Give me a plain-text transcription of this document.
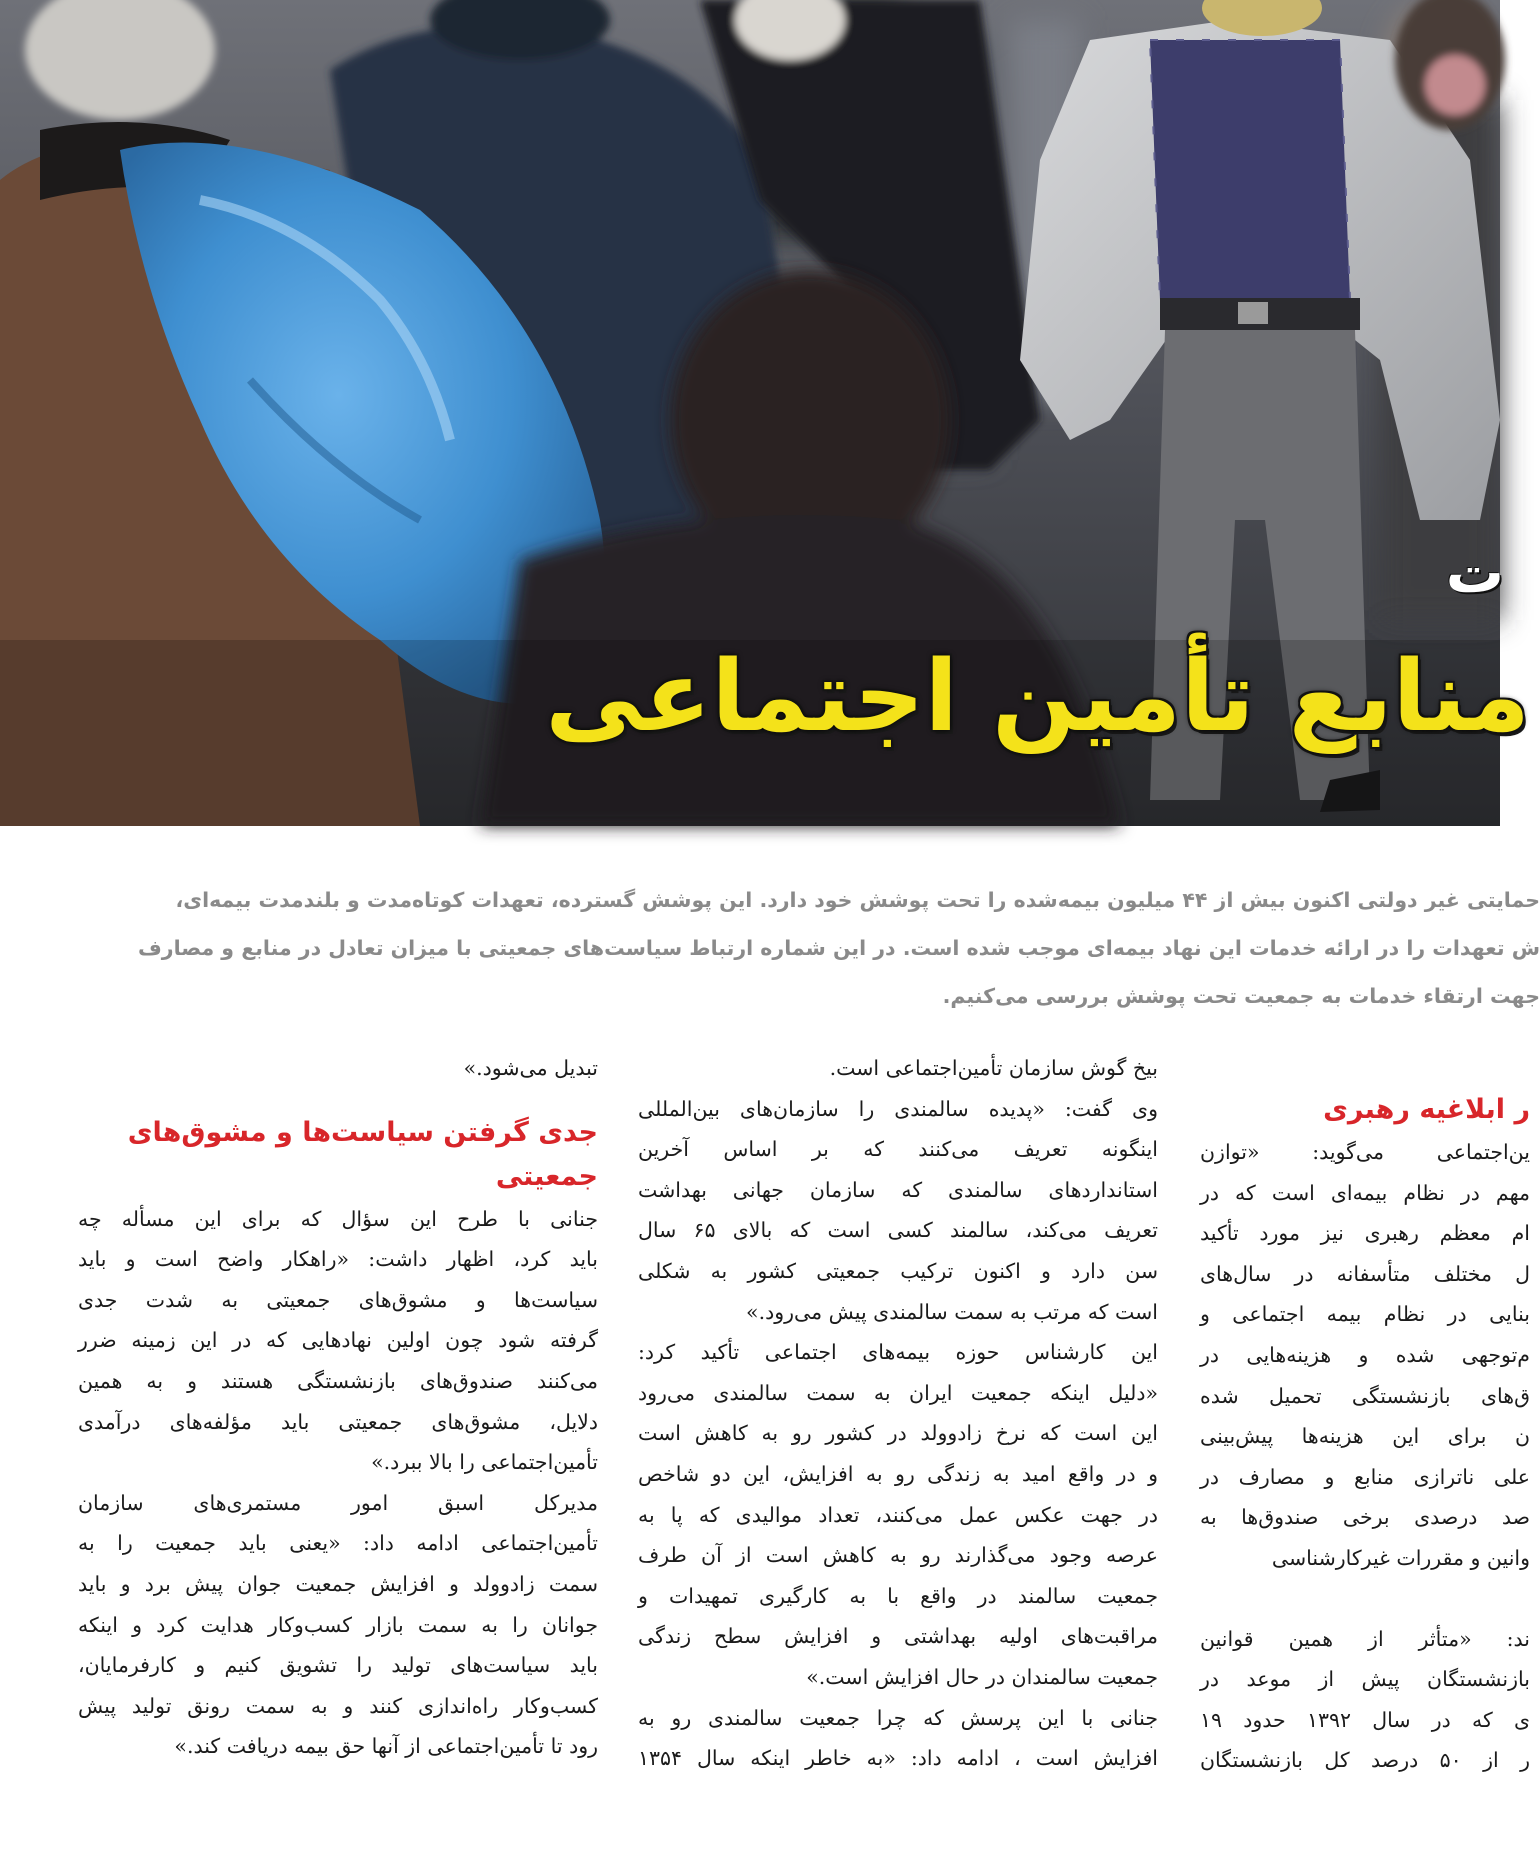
ت
منابع تأمین اجتماعی
حمایتی غیر دولتی اکنون بیش از ۴۴ میلیون بیمه‌شده را تحت پوشش خود دارد. این پوشش گسترده، تعهدات کوتاه‌مدت و بلندمدت بیمه‌ای،
ش تعهدات را در ارائه خدمات این نهاد بیمه‌ای موجب شده است. در این شماره ارتباط سیاست‌های جمعیتی با میزان تعادل در منابع و مصارف
جهت ارتقاء خدمات به جمعیت تحت پوشش بررسی می‌کنیم.
ر ابلاغیه رهبری
ین‌اجتماعی می‌گوید: «توازن
مهم در نظام بیمه‌ای است که در
ام معظم رهبری نیز مورد تأکید
ل مختلف متأسفانه در سال‌های
بنایی در نظام بیمه اجتماعی و
م‌توجهی شده و هزینه‌هایی در
ق‌های بازنشستگی تحمیل شده
ن برای این هزینه‌ها پیش‌بینی
علی ناترازی منابع و مصارف در
صد درصدی برخی صندوق‌ها به
وانین و مقررات غیرکارشناسی
ند: «متأثر از همین قوانین
بازنشستگان پیش از موعد در
ی که در سال ۱۳۹۲ حدود ۱۹
ر از ۵۰ درصد کل بازنشستگان
بیخ گوش سازمان تأمین‌اجتماعی است.
وی گفت: «پدیده سالمندی را سازمان‌های بین‌المللی
اینگونه تعریف می‌کنند که بر اساس آخرین
استانداردهای سالمندی که سازمان جهانی بهداشت
تعریف می‌کند، سالمند کسی است که بالای ۶۵ سال
سن دارد و اکنون ترکیب جمعیتی کشور به شکلی
است که مرتب به سمت سالمندی پیش می‌رود.»
این کارشناس حوزه بیمه‌های اجتماعی تأکید کرد:
«دلیل اینکه جمعیت ایران به سمت سالمندی می‌رود
این است که نرخ زادوولد در کشور رو به کاهش است
و در واقع امید به زندگی رو به افزایش، این دو شاخص
در جهت عکس عمل می‌کنند، تعداد موالیدی که پا به
عرصه وجود می‌گذارند رو به کاهش است از آن طرف
جمعیت سالمند در واقع با به کارگیری تمهیدات و
مراقبت‌های اولیه بهداشتی و افزایش سطح زندگی
جمعیت سالمندان در حال افزایش است.»
جنانی با این پرسش که چرا جمعیت سالمندی رو به
افزایش است ، ادامه داد: «به خاطر اینکه سال ۱۳۵۴
تبدیل می‌شود.»
جدی گرفتن سیاست‌ها و مشوق‌های
جمعیتی
جنانی با طرح این سؤال که برای این مسأله چه
باید کرد، اظهار داشت: «راهکار واضح است و باید
سیاست‌ها و مشوق‌های جمعیتی به شدت جدی
گرفته شود چون اولین نهادهایی که در این زمینه ضرر
می‌کنند صندوق‌های بازنشستگی هستند و به همین
دلایل، مشوق‌های جمعیتی باید مؤلفه‌های درآمدی
تأمین‌اجتماعی را بالا ببرد.»
مدیرکل اسبق امور مستمری‌های سازمان
تأمین‌اجتماعی ادامه داد: «یعنی باید جمعیت را به
سمت زادوولد و افزایش جمعیت جوان پیش برد و باید
جوانان را به سمت بازار کسب‌وکار هدایت کرد و اینکه
باید سیاست‌های تولید را تشویق کنیم و کارفرمایان،
کسب‌وکار راه‌اندازی کنند و به سمت رونق تولید پیش
رود تا تأمین‌اجتماعی از آنها حق بیمه دریافت کند.»
